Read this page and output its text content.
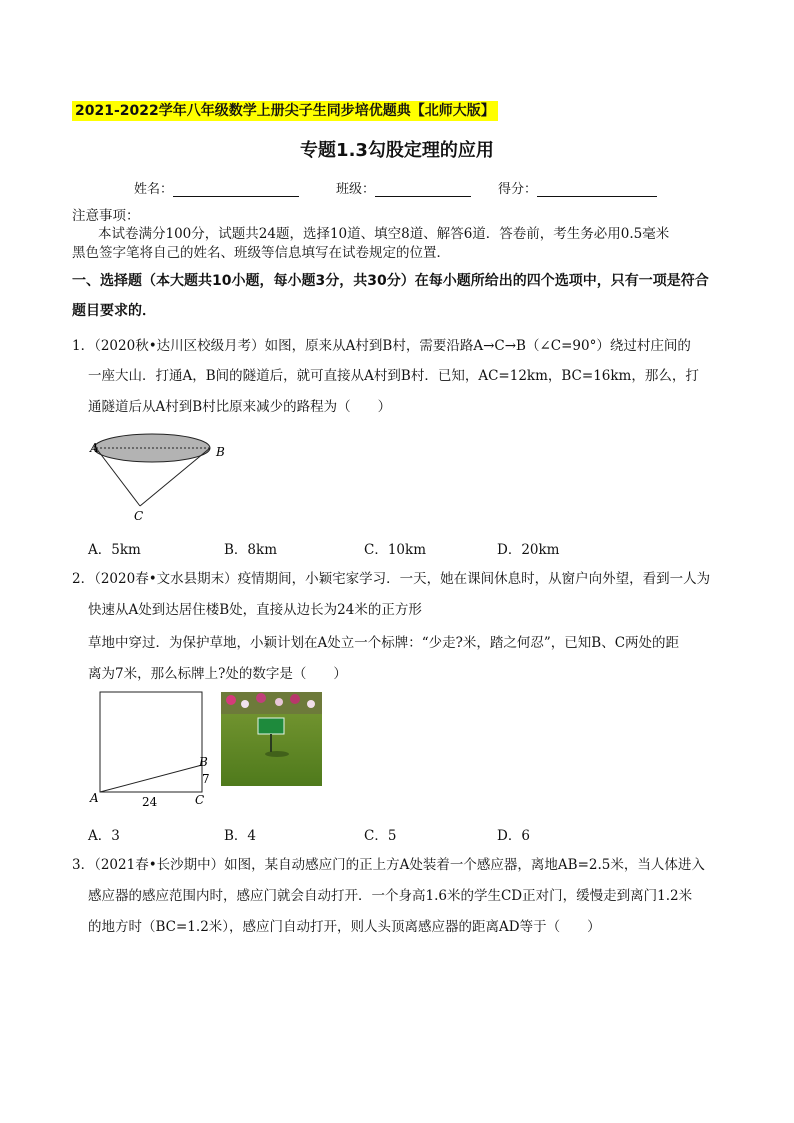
2021-2022学年八年级数学上册尖子生同步培优题典【北师大版】
专题1.3勾股定理的应用
姓名：	班级：	得分：
注意事项：
本试卷满分100分，试题共24题，选择10道、填空8道、解答6道．答卷前，考生务必用0.5毫米
黑色签字笔将自己的姓名、班级等信息填写在试卷规定的位置．
一、选择题（本大题共10小题，每小题3分，共30分）在每小题所给出的四个选项中，只有一项是符合
题目要求的．
1．（2020秋•达川区校级月考）如图，原来从A村到B村，需要沿路A→C→B（∠C=90°）绕过村庄间的
一座大山．打通A，B间的隧道后，就可直接从A村到B村．已知，AC=12km，BC=16km，那么，打
通隧道后从A村到B村比原来减少的路程为（　　）
A	B
C
A．5km	B．8km	C．10km	D．20km
2．（2020春•文水县期末）疫情期间，小颖宅家学习．一天，她在课间休息时，从窗户向外望，看到一人为
快速从A处到达居住楼B处，直接从边长为24米的正方形
草地中穿过．为保护草地，小颖计划在A处立一个标牌：“少走?米，踏之何忍”，已知B、C两处的距
离为7米，那么标牌上?处的数字是（　　）
A
B
C
24
7
A．3	B．4	C．5	D．6
3．（2021春•长沙期中）如图，某自动感应门的正上方A处装着一个感应器，离地AB=2.5米，当人体进入
感应器的感应范围内时，感应门就会自动打开．一个身高1.6米的学生CD正对门，缓慢走到离门1.2米
的地方时（BC=1.2米），感应门自动打开，则人头顶离感应器的距离AD等于（　　）
